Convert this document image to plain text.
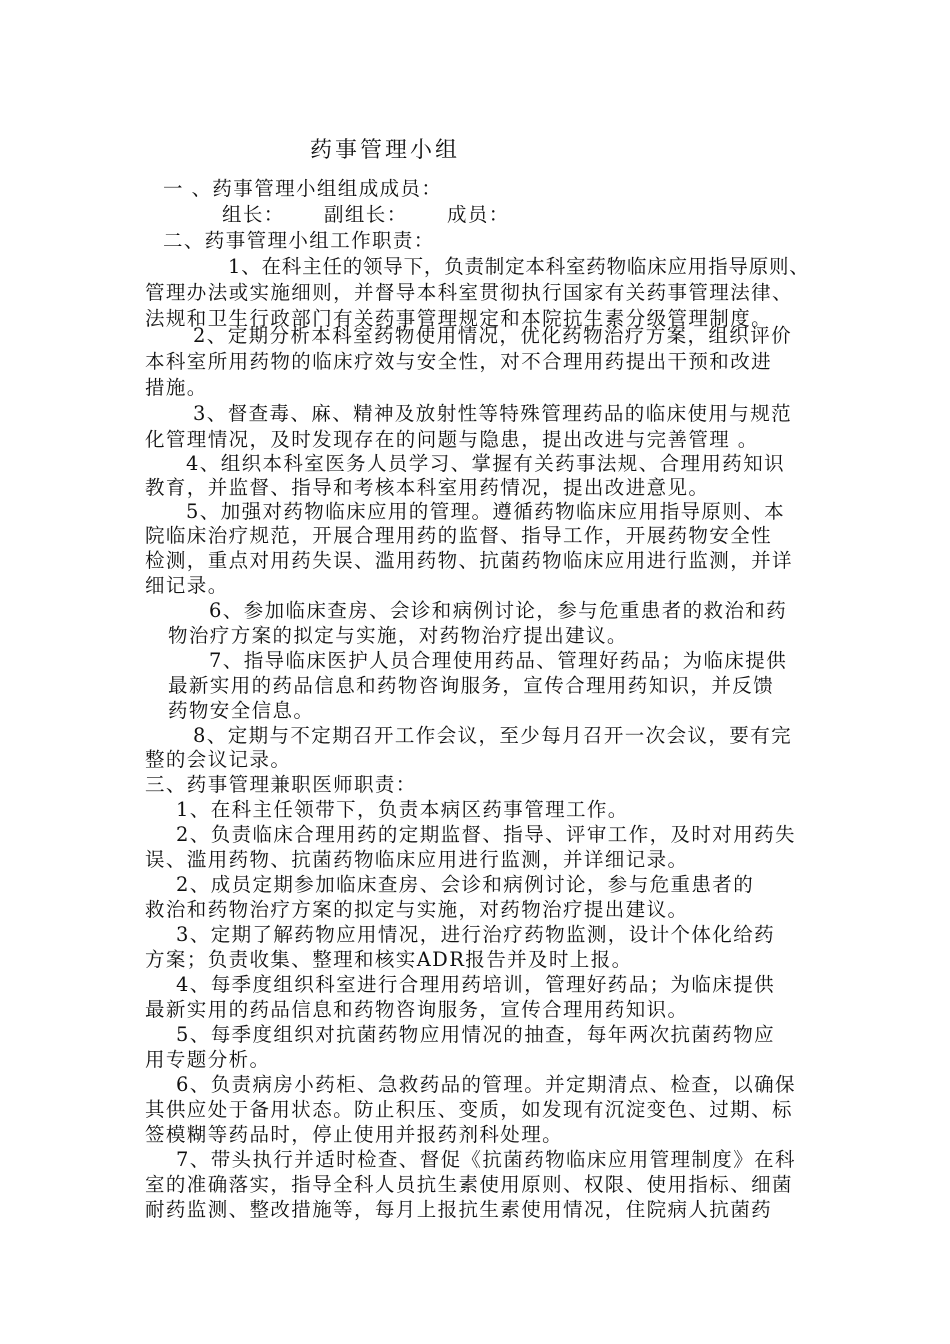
药事管理小组
一 、药事管理小组组成成员：
组长： 副组长： 成员：
二、药事管理小组工作职责：
1、在科主任的领导下，负责制定本科室药物临床应用指导原则、
管理办法或实施细则，并督导本科室贯彻执行国家有关药事管理法律、
法规和卫生行政部门有关药事管理规定和本院抗生素分级管理制度。
2、定期分析本科室药物使用情况，优化药物治疗方案，组织评价
本科室所用药物的临床疗效与安全性，对不合理用药提出干预和改进
措施。
3、督查毒、麻、精神及放射性等特殊管理药品的临床使用与规范
化管理情况，及时发现存在的问题与隐患，提出改进与完善管理 。
4、组织本科室医务人员学习、掌握有关药事法规、合理用药知识
教育，并监督、指导和考核本科室用药情况，提出改进意见。
5、加强对药物临床应用的管理。遵循药物临床应用指导原则、本
院临床治疗规范，开展合理用药的监督、指导工作，开展药物安全性
检测，重点对用药失误、滥用药物、抗菌药物临床应用进行监测，并详
细记录。
6、参加临床查房、会诊和病例讨论，参与危重患者的救治和药
物治疗方案的拟定与实施，对药物治疗提出建议。
7、指导临床医护人员合理使用药品、管理好药品；为临床提供
最新实用的药品信息和药物咨询服务，宣传合理用药知识，并反馈
药物安全信息。
8、定期与不定期召开工作会议，至少每月召开一次会议，要有完
整的会议记录。
三、药事管理兼职医师职责：
1、在科主任领带下，负责本病区药事管理工作。
2、负责临床合理用药的定期监督、指导、评审工作，及时对用药失
误、滥用药物、抗菌药物临床应用进行监测，并详细记录。
2、成员定期参加临床查房、会诊和病例讨论，参与危重患者的
救治和药物治疗方案的拟定与实施，对药物治疗提出建议。
3、定期了解药物应用情况，进行治疗药物监测，设计个体化给药
方案；负责收集、整理和核实ADR报告并及时上报。
4、每季度组织科室进行合理用药培训，管理好药品；为临床提供
最新实用的药品信息和药物咨询服务，宣传合理用药知识。
5、每季度组织对抗菌药物应用情况的抽查，每年两次抗菌药物应
用专题分析。
6、负责病房小药柜、急救药品的管理。并定期清点、检查，以确保
其供应处于备用状态。防止积压、变质，如发现有沉淀变色、过期、标
签模糊等药品时，停止使用并报药剂科处理。
7、带头执行并适时检查、督促《抗菌药物临床应用管理制度》在科
室的准确落实，指导全科人员抗生素使用原则、权限、使用指标、细菌
耐药监测、整改措施等，每月上报抗生素使用情况，住院病人抗菌药
